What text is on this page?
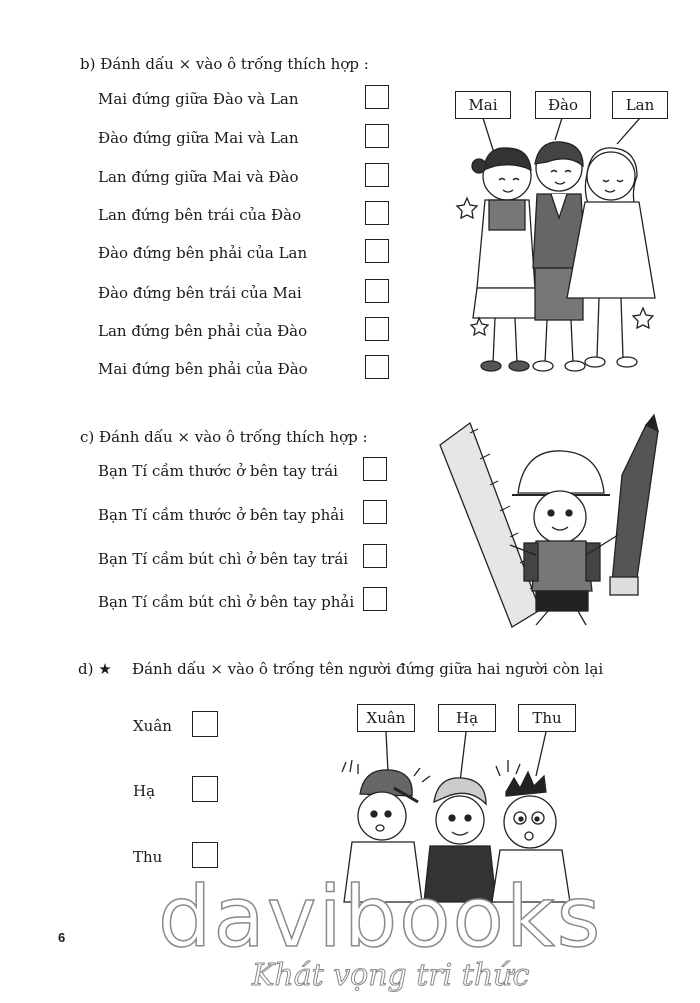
b) Đánh dấu × vào ô trống thích hợp :
Mai đứng giữa Đào và Lan
Đào đứng giữa Mai và Lan
Lan đứng giữa Mai và Đào
Lan đứng bên trái của Đào
Đào đứng bên phải của Lan
Đào đứng bên trái của Mai
Lan đứng bên phải của Đào
Mai đứng bên phải của Đào
Mai	Đào	Lan
c) Đánh dấu × vào ô trống thích hợp :
Bạn Tí cầm thước ở bên tay trái
Bạn Tí cầm thước ở bên tay phải
Bạn Tí cầm bút chì ở bên tay trái
Bạn Tí cầm bút chì ở bên tay phải
d) ★ Đánh dấu × vào ô trống tên người đứng giữa hai người còn lại
Xuân
Hạ
Thu
Xuân	Hạ	Thu
6 davibooks
Khát vọng tri thức
